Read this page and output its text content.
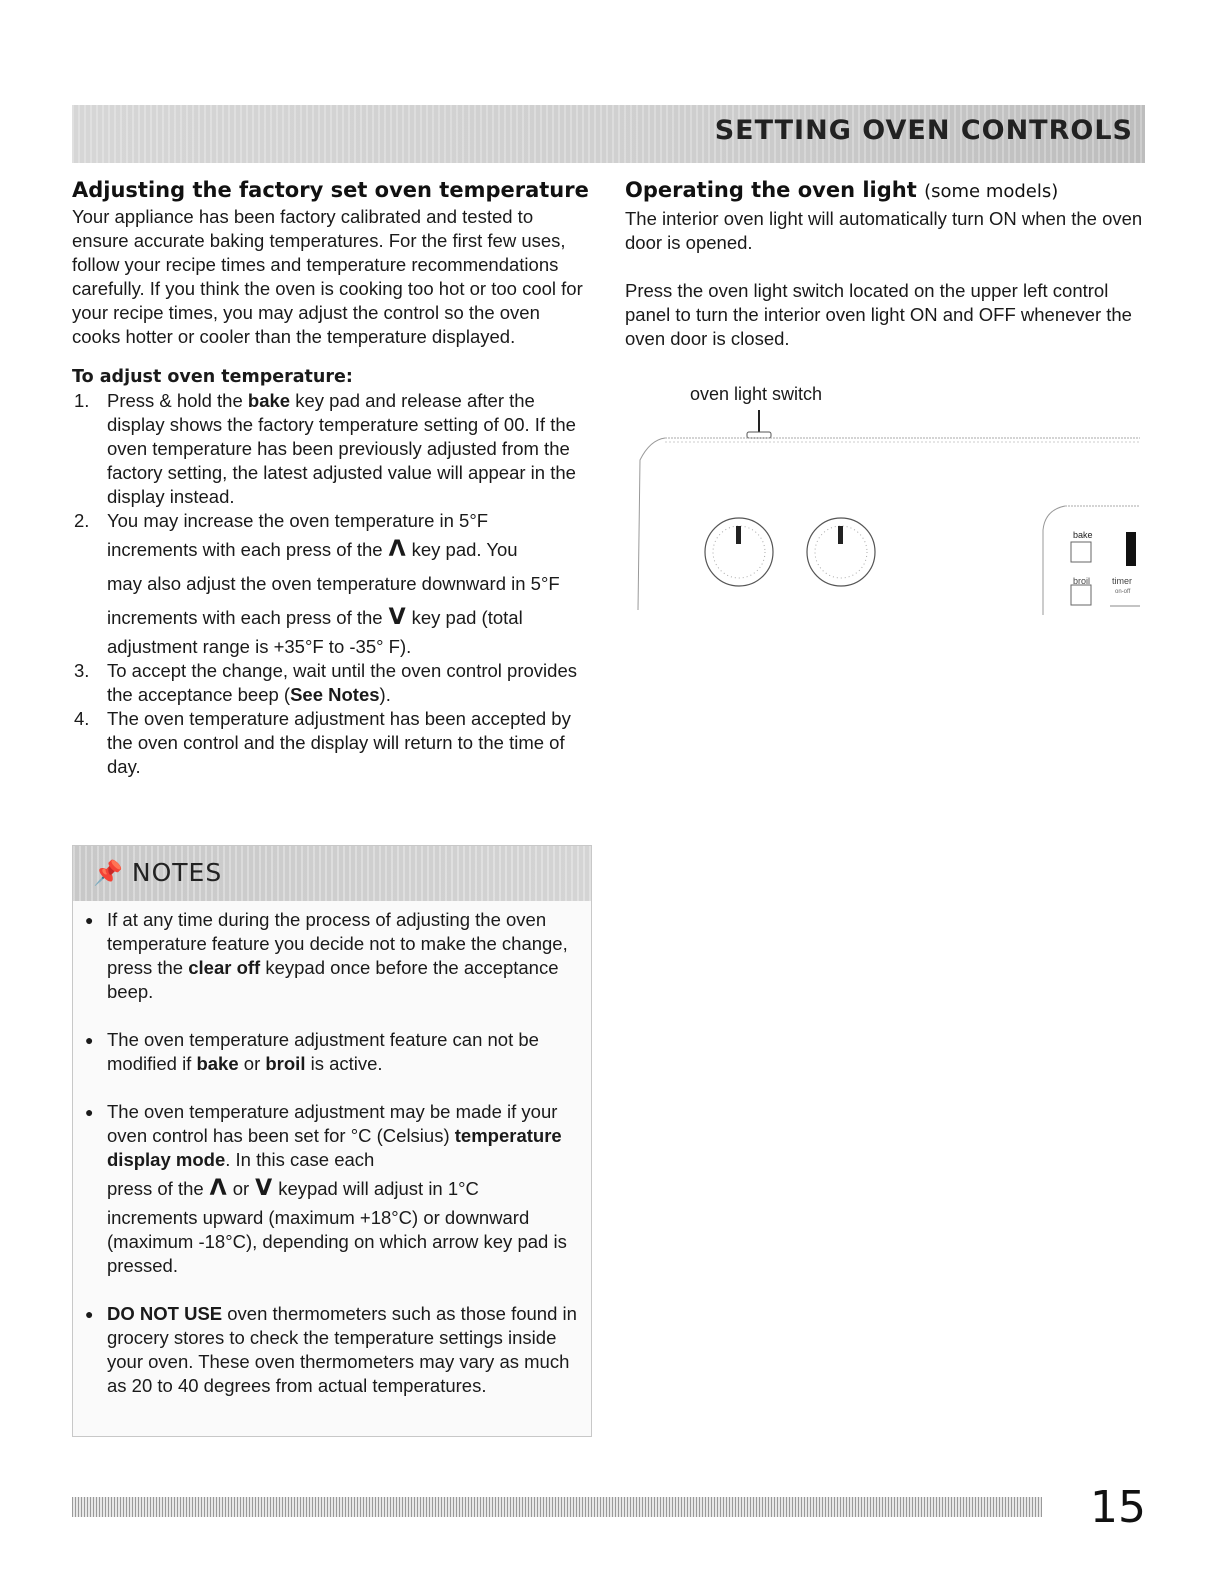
SETTING OVEN CONTROLS
Adjusting the factory set oven temperature

Your appliance has been factory calibrated and tested to ensure accurate baking temperatures. For the first few uses, follow your recipe times and temperature recommendations carefully. If you think the oven is cooking too hot or too cool for your recipe times, you may adjust the control so the oven cooks hotter or cooler than the temperature displayed.

To adjust oven temperature:
1. Press & hold the bake key pad and release after the display shows the factory temperature setting of 00. If the oven temperature has been previously adjusted from the factory setting, the latest adjusted value will appear in the display instead.
2. You may increase the oven temperature in 5°F
increments with each press of the Λ key pad. You
may also adjust the oven temperature downward in 5°F
increments with each press of the V key pad (total
adjustment range is +35°F to -35° F).
3. To accept the change, wait until the oven control provides the acceptance beep (See Notes).
4. The oven temperature adjustment has been accepted by the oven control and the display will return to the time of day.
Operating the oven light (some models)

The interior oven light will automatically turn ON when the oven door is opened.

Press the oven light switch located on the upper left control panel to turn the interior oven light ON and OFF whenever the oven door is closed.

oven light switch
bake
broil timer
on-off
📌 NOTES
● If at any time during the process of adjusting the oven temperature feature you decide not to make the change, press the clear off keypad once before the acceptance beep.
● The oven temperature adjustment feature can not be modified if bake or broil is active.
● The oven temperature adjustment may be made if your oven control has been set for °C (Celsius) temperature display mode. In this case each
press of the Λ or V keypad will adjust in 1°C
increments upward (maximum +18°C) or downward (maximum -18°C), depending on which arrow key pad is pressed.
● DO NOT USE oven thermometers such as those found in grocery stores to check the temperature settings inside your oven. These oven thermometers may vary as much as 20 to 40 degrees from actual temperatures.
15
